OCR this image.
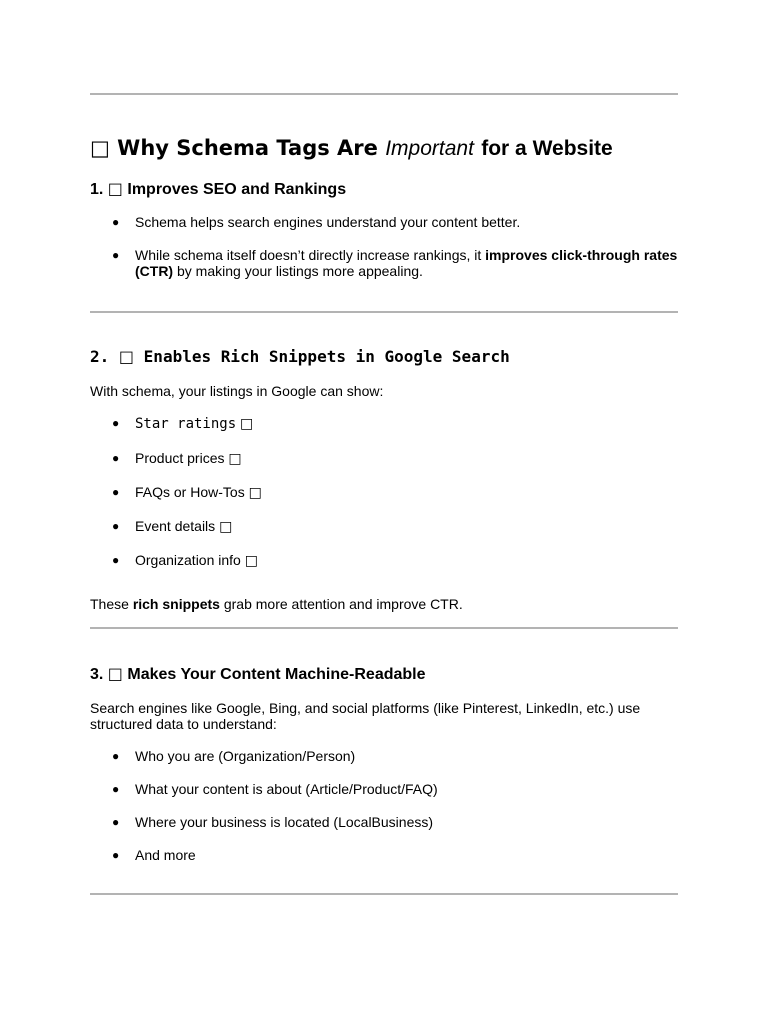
□ Why Schema Tags Are Important for a Website
1. □ Improves SEO and Rankings
● Schema helps search engines understand your content better.
● While schema itself doesn’t directly increase rankings, it improves click-through rates (CTR) by making your listings more appealing.
2. □ Enables Rich Snippets in Google Search

With schema, your listings in Google can show:

● Star ratings □
● Product prices □
● FAQs or How-Tos □
● Event details □
● Organization info □

These rich snippets grab more attention and improve CTR.

3. □ Makes Your Content Machine-Readable

Search engines like Google, Bing, and social platforms (like Pinterest, LinkedIn, etc.) use structured data to understand:

● Who you are (Organization/Person)
● What your content is about (Article/Product/FAQ)
● Where your business is located (LocalBusiness)
● And more
